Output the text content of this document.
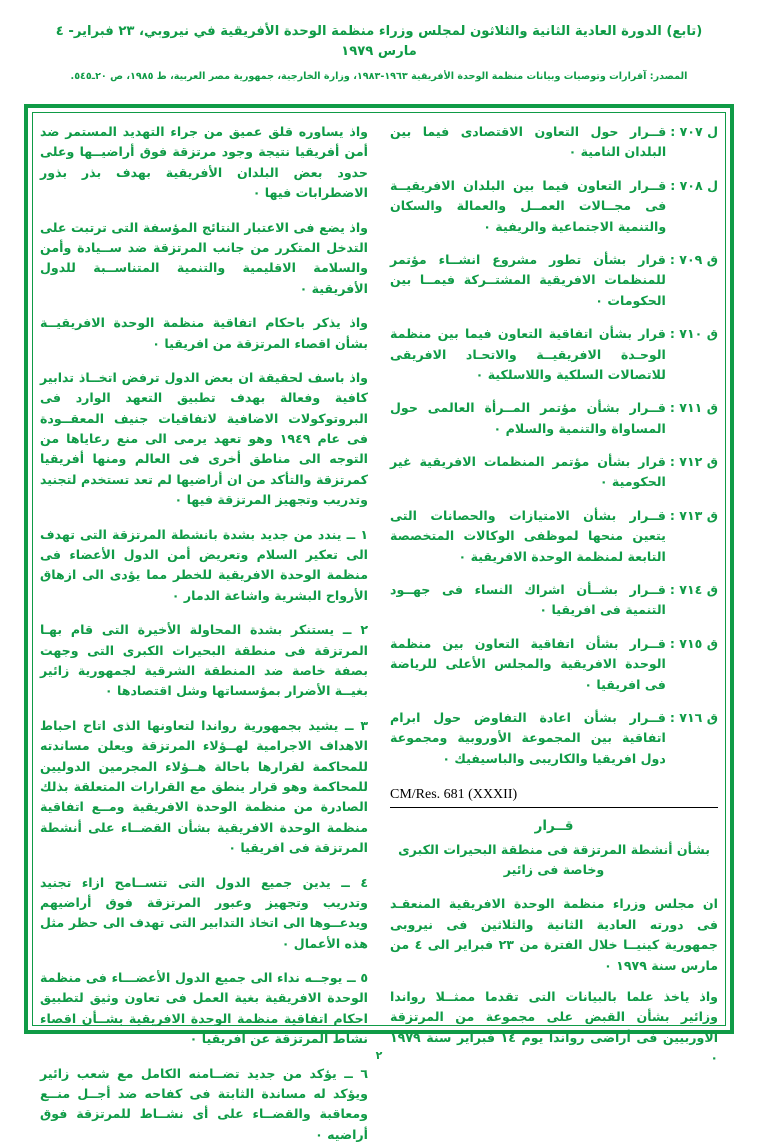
(تابع) الدورة العادية الثانية والثلاثون لمجلس وزراء منظمة الوحدة الأفريقية في نيروبي، ٢٣ فبراير- ٤ مارس ١٩٧٩
المصدر: آقرارات وتوصيات وبيانات منظمة الوحدة الأفريقية ١٩٦٣-١٩٨٣، وزارة الخارجية، جمهورية مصر العربية، ط ١٩٨٥، ص ٢٠ـ٥٤٥.
ل ٧٠٧ :
قــرار حول التعاون الاقتصادى فيما بين البلدان النامية ٠
ل ٧٠٨ :
قــرار التعاون فيما بين البلدان الافريقيــة فى مجــالات العمــل والعمالة والسكان والتنمية الاجتماعية والريفية ٠
ق ٧٠٩ :
قرار بشأن تطور مشروع انشــاء مؤتمر للمنظمات الافريقية المشتــركة فيمــا بين الحكومات ٠
ق ٧١٠ :
قرار بشأن اتفاقية التعاون فيما بين منظمة الوحـدة الافريقيــة والاتحـاد الافريقى للاتصالات السلكية واللاسلكية ٠
ق ٧١١ :
قــرار بشأن مؤتمر المــرأة العالمى حول المساواة والتنمية والسلام ٠
ق ٧١٢ :
قرار بشأن مؤتمر المنظمات الافريقية غير الحكومية ٠
ق ٧١٣ :
قــرار بشأن الامتيازات والحصانات التى يتعين منحها لموظفى الوكالات المتخصصة التابعة لمنظمة الوحدة الافريقية ٠
ق ٧١٤ :
قــرار بشــأن اشراك النساء فى جهــود التنمية فى افريقيا ٠
ق ٧١٥ :
قــرار بشأن اتفاقية التعاون بين منظمة الوحدة الافريقية والمجلس الأعلى للرياضة فى افريقيا ٠
ق ٧١٦ :
قــرار بشأن اعادة التفاوض حول ابرام اتفاقية بين المجموعة الأوروبية ومجموعة دول افريقيا والكاريبى والباسيفيك ٠
CM/Res. 681 (XXXII)
قــرار
بشأن أنشطة المرتزقة فى منطقة البحيرات الكبرى وخاصة فى زائير

ان مجلس وزراء منظمة الوحدة الافريقية المنعقـد فى دورته العادية الثانية والثلاثين فى نيروبى جمهورية كينيــا خلال الفترة من ٢٣ فبراير الى ٤ من مارس سنة ١٩٧٩ ٠

واذ ياخذ علما بالبيانات التى تقدما ممثــلا رواندا وزائير بشأن القبض على مجموعة من المرتزقة الاوربيين فى أراضى رواندا يوم ١٤ فبراير سنة ١٩٧٩ ٠

واذ يساوره قلق عميق من جراء التهديد المستمر ضد أمن أفريقيا نتيجة وجود مرتزقة فوق أراضيــها وعلى حدود بعض البلدان الأفريقية بهدف بذر بذور الاضطرابات فيها ٠

واذ يضع فى الاعتبار النتائج المؤسفة التى ترتبت على التدخل المتكرر من جانب المرتزقة ضد ســيادة وأمن والسلامة الاقليمية والتنمية المتناســبة للدول الأفريقية ٠

واذ يذكر باحكام اتفاقية منظمة الوحدة الافريقيــة بشأن اقصاء المرتزقة من افريقيا ٠

واذ باسف لحقيقة ان بعض الدول ترفض اتخــاذ تدابير كافية وفعالة بهدف تطبيق التعهد الوارد فى البروتوكولات الاضافية لاتفاقيات جنيف المعقــودة فى عام ١٩٤٩ وهو تعهد يرمى الى منع رعاياها من التوجه الى مناطق أخرى فى العالم ومنها أفريقيا كمرتزقة والتأكد من ان أراضيها لم تعد تستخدم لتجنيد وتدريب وتجهيز المرتزقة فيها ٠

١ ــ يندد من جديد بشدة بانشطة المرتزقة التى تهدف الى تعكير السلام وتعريض أمن الدول الأعضاء فى منظمة الوحدة الافريقية للخطر مما يؤدى الى ازهاق الأرواح البشرية واشاعة الدمار ٠

٢ ــ يستنكر بشدة المحاولة الأخيرة التى قام بهـا المرتزقة فى منطقة البحيرات الكبرى التى وجهت بصفة خاصة ضد المنطقة الشرقية لجمهورية زائير بغيــة الأضرار بمؤسساتها وشل اقتصادها ٠

٣ ــ يشيد بجمهورية رواندا لتعاونها الذى اتاح احباط الاهداف الاجرامية لهــؤلاء المرتزقة ويعلن مساندته للمحاكمة لقرارها باحالة هــؤلاء المجرمين الدوليين للمحاكمة وهو قرار ينطق مع القرارات المتعلقة بذلك الصادرة من منظمة الوحدة الافريقية ومــع اتفاقية منظمة الوحدة الافريقية بشأن القضــاء على أنشطة المرتزقة فى افريقيا ٠

٤ ــ يدين جميع الدول التى تتســامح ازاء تجنيد وتدريب وتجهيز وعبور المرتزقة فوق أراضيهم ويدعــوها الى اتخاذ التدابير التى تهدف الى حظر مثل هذه الأعمال ٠

٥ ــ يوجــه نداء الى جميع الدول الأعضـــاء فى منظمة الوحدة الافريقية بغية العمل فى تعاون وثيق لتطبيق احكام اتفاقية منظمة الوحدة الافريقية بشــأن اقصاء نشاط المرتزقة عن افريقيا ٠

٦ ــ يؤكد من جديد تضــامنه الكامل مع شعب زائير ويؤكد له مساندة الثابتة فى كفاحه ضد أجــل منــع ومعاقبة والقضــاء على أى نشــاط للمرتزقة فوق أراضيه ٠

٢
